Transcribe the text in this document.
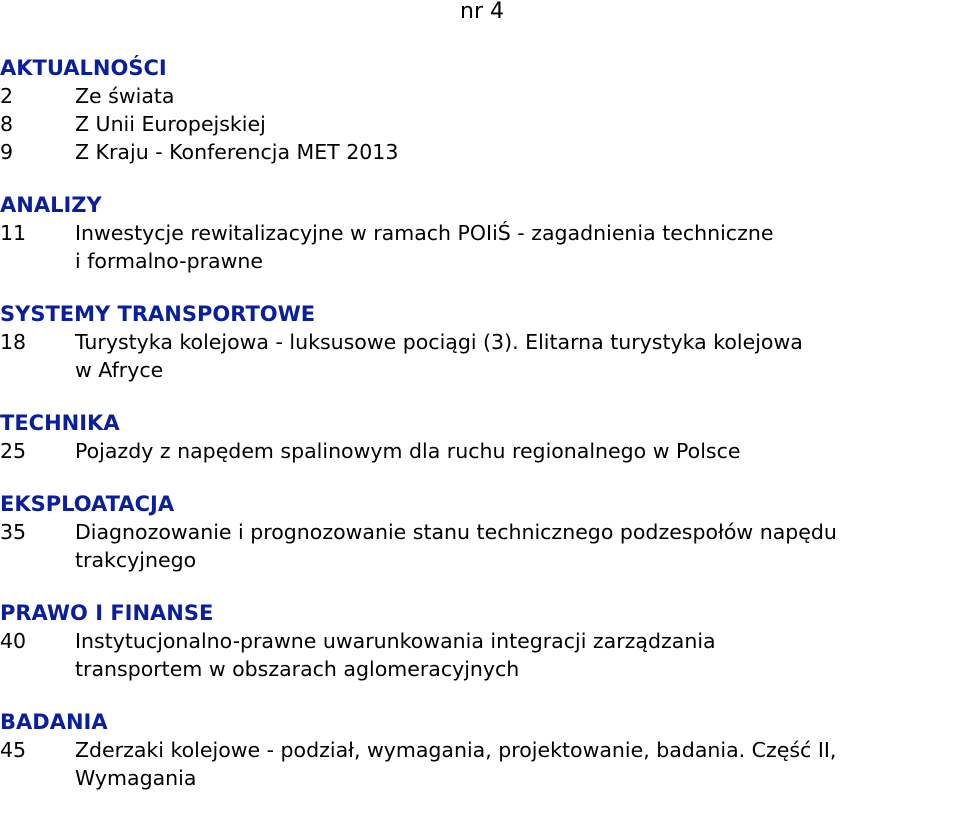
nr 4
AKTUALNOŚCI
2	Ze świata
8	Z Unii Europejskiej
9	Z Kraju - Konferencja MET 2013
ANALIZY
11	Inwestycje rewitalizacyjne w ramach POIiŚ - zagadnienia techniczne
i formalno-prawne
SYSTEMY TRANSPORTOWE
18	Turystyka kolejowa - luksusowe pociągi (3). Elitarna turystyka kolejowa
w Afryce
TECHNIKA
25	Pojazdy z napędem spalinowym dla ruchu regionalnego w Polsce
EKSPLOATACJA
35	Diagnozowanie i prognozowanie stanu technicznego podzespołów napędu
trakcyjnego
PRAWO I FINANSE
40	Instytucjonalno-prawne uwarunkowania integracji zarządzania
transportem w obszarach aglomeracyjnych
BADANIA
45	Zderzaki kolejowe - podział, wymagania, projektowanie, badania. Część II,
Wymagania
